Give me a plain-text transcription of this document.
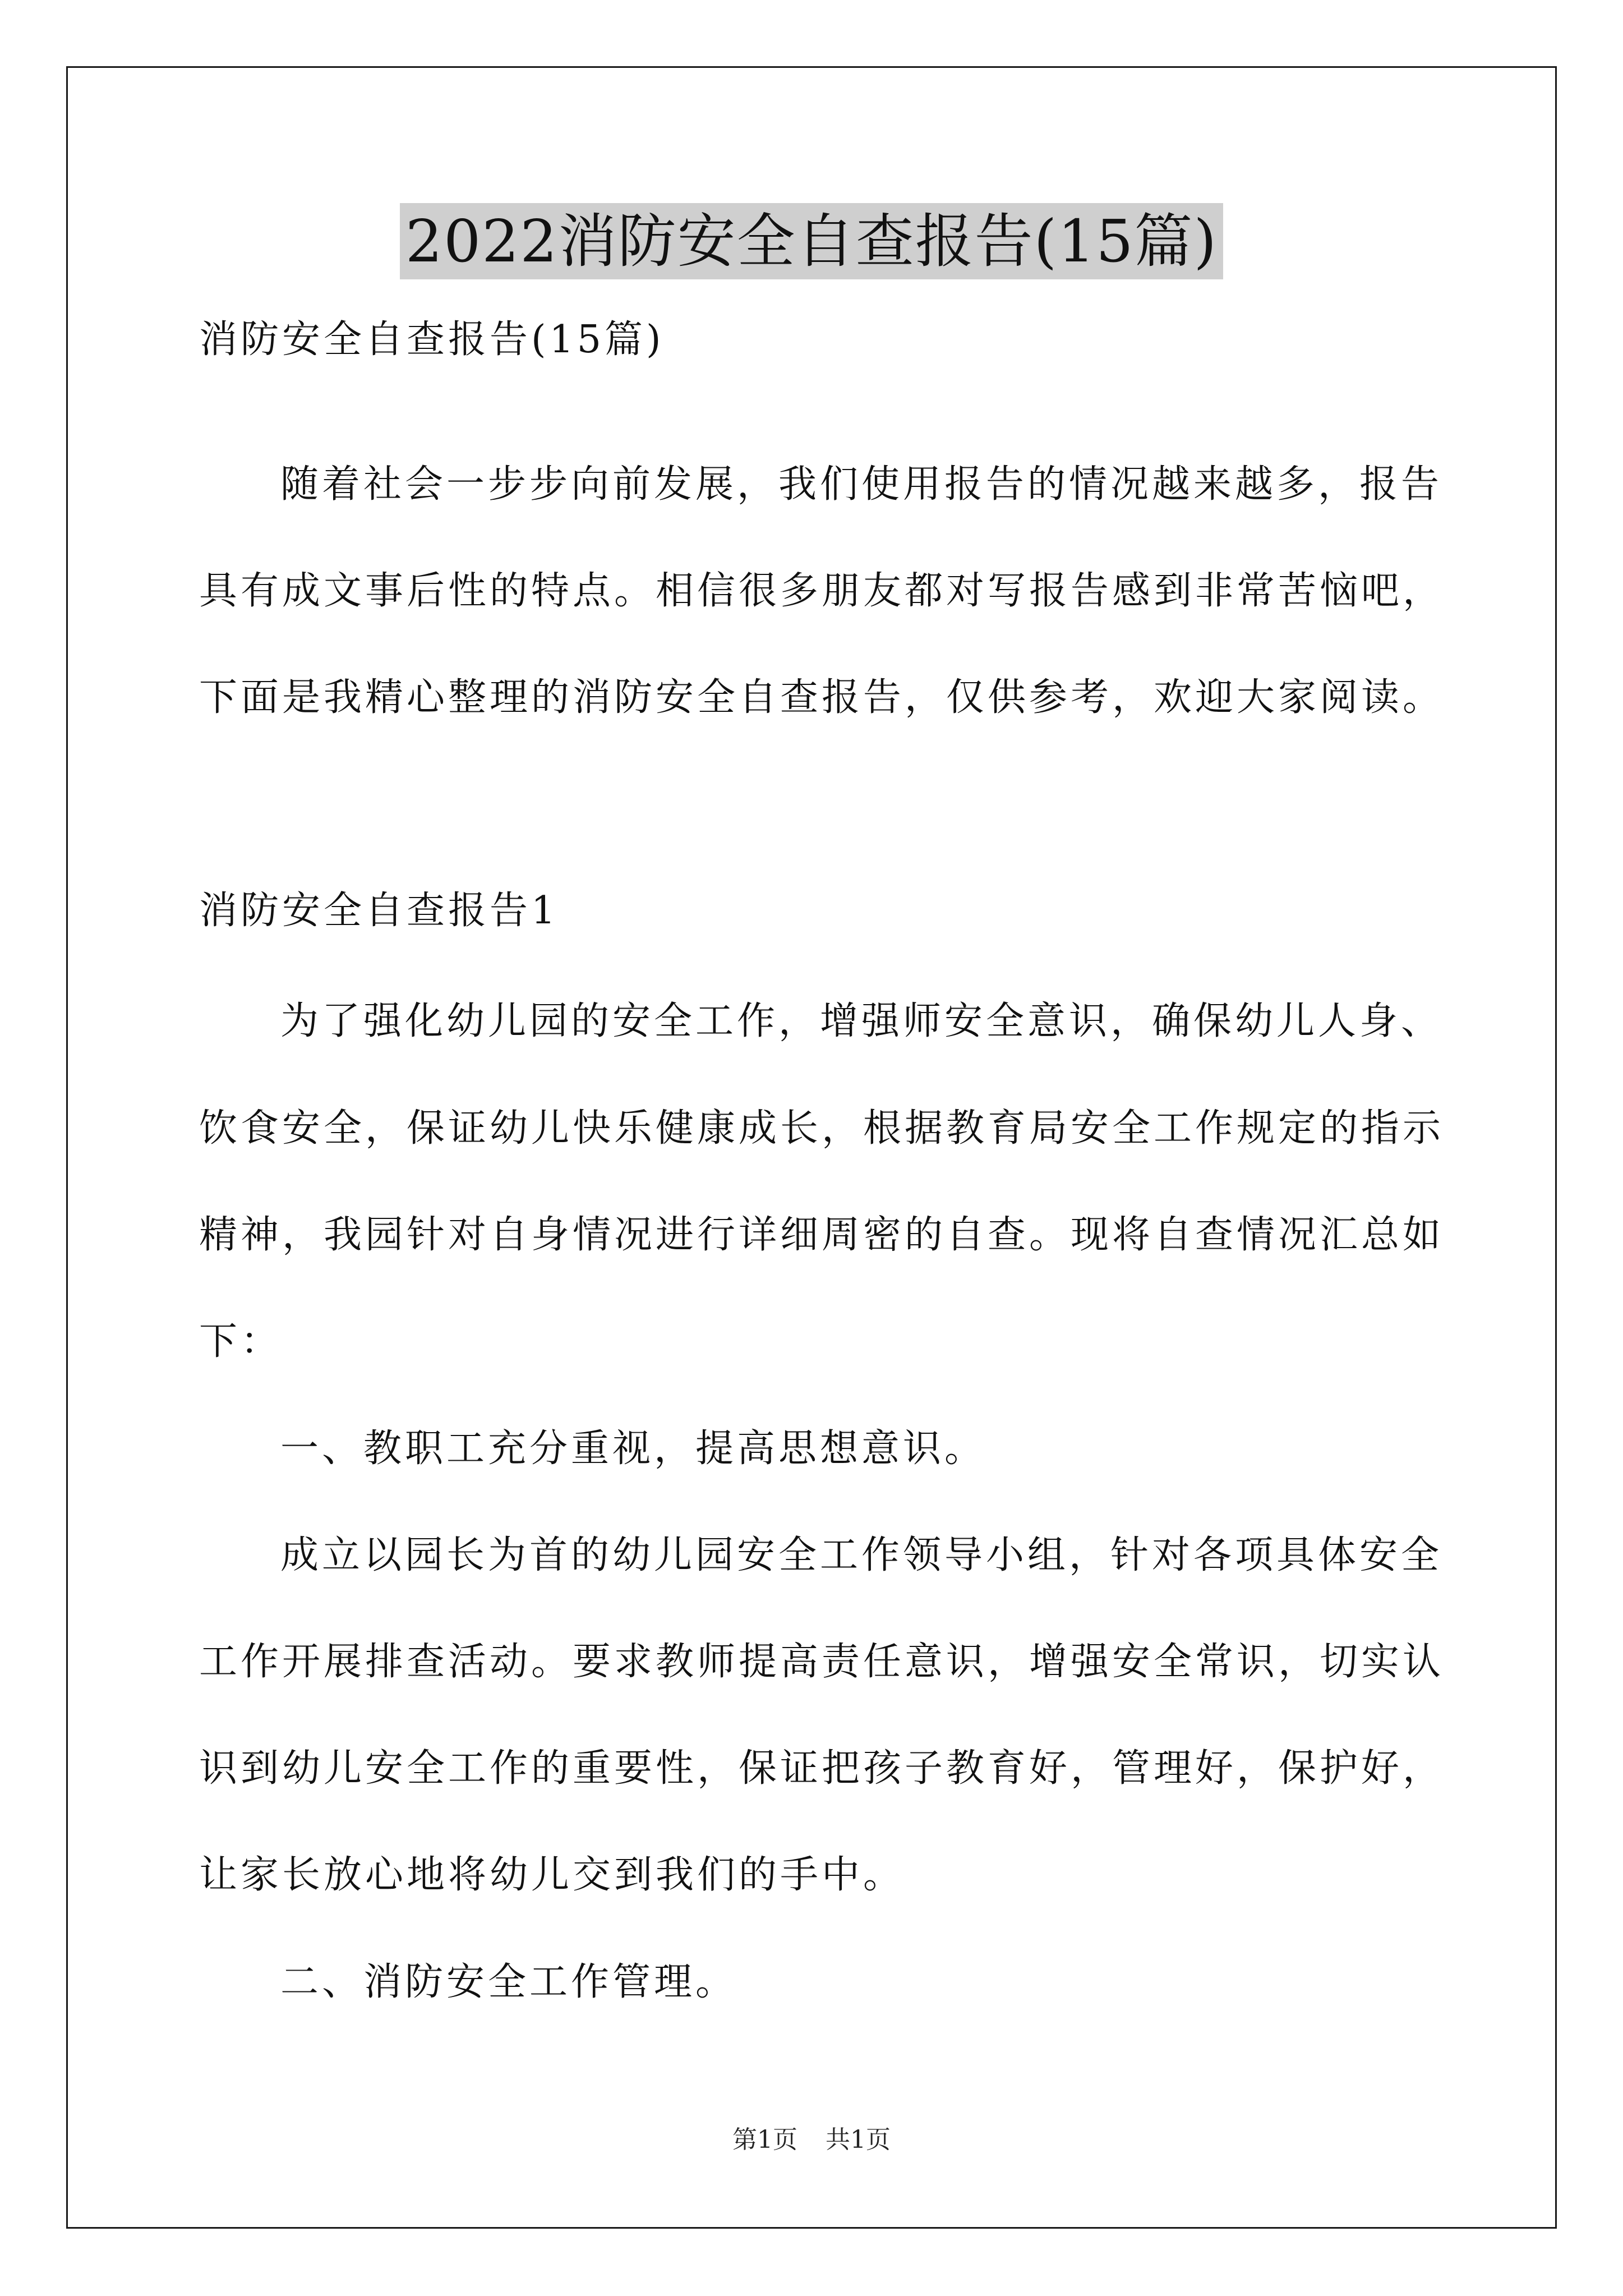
2022消防安全自查报告(15篇)
消防安全自查报告(15篇)
随着社会一步步向前发展，我们使用报告的情况越来越多，报告
具有成文事后性的特点。相信很多朋友都对写报告感到非常苦恼吧，
下面是我精心整理的消防安全自查报告，仅供参考，欢迎大家阅读。
消防安全自查报告1
为了强化幼儿园的安全工作，增强师安全意识，确保幼儿人身、
饮食安全，保证幼儿快乐健康成长，根据教育局安全工作规定的指示
精神，我园针对自身情况进行详细周密的自查。现将自查情况汇总如
下：
一、教职工充分重视，提高思想意识。
成立以园长为首的幼儿园安全工作领导小组，针对各项具体安全
工作开展排查活动。要求教师提高责任意识，增强安全常识，切实认
识到幼儿安全工作的重要性，保证把孩子教育好，管理好，保护好，
让家长放心地将幼儿交到我们的手中。
二、消防安全工作管理。
第1页 共1页
